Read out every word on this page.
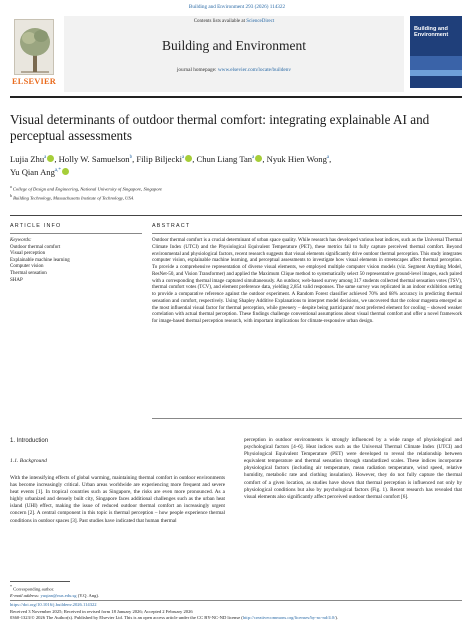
Building and Environment 293 (2026) 114322
ELSEVIER
Contents lists available at ScienceDirect
Building and Environment
journal homepage: www.elsevier.com/locate/buildenv
Building and Environment
Visual determinants of outdoor thermal comfort: integrating explainable AI and perceptual assessments
Lujia Zhu$^a$ , Holly W. Samuelson$^b$, Filip Biljecki$^a$ , Chun Liang Tan$^a$ , Nyuk Hien Wong$^a$,
Yu Qian Ang$^{a,*}$
$^a$ College of Design and Engineering, National University of Singapore, Singapore
$^b$ Building Technology, Massachusetts Institute of Technology, USA
ARTICLE INFO
Keywords:
Outdoor thermal comfort
Visual perception
Explainable machine learning
Computer vision
Thermal sensation
SHAP
ABSTRACT
Outdoor thermal comfort is a crucial determinant of urban space quality. While research has developed various heat indices, such as the Universal Thermal Climate Index (UTCI) and the Physiological Equivalent Temperature (PET), these metrics fail to fully capture perceived thermal comfort. Beyond environmental and physiological factors, recent research suggests that visual elements significantly drive outdoor thermal perception. This study integrates computer vision, explainable machine learning, and perceptual assessments to investigate how visual elements in streetscapes affect thermal perception. To provide a comprehensive representation of diverse visual elements, we employed multiple computer vision models (viz. Segment Anything Model, ResNet-50, and Vision Transformer) and applied the Maximum Clique method to systematically select 50 representative ground-level images, each paired with a corresponding thermal image captured simultaneously. An outdoor, web-based survey among 317 students collected thermal sensation votes (TSV), thermal comfort votes (TCV), and element preference data, yielding 2,854 valid responses. The same survey was replicated in an indoor exhibition setting to provide a comparative reference against the outdoor experiment. A Random Forest classifier achieved 70% and 68% accuracy in predicting thermal sensation and comfort, respectively. Using Shapley Additive Explanations to interpret model decisions, we uncovered that the colour magenta emerged as the most influential visual factor for thermal perception, while greenery – despite being participants' most preferred element for cooling – showed weaker correlation with actual thermal perception. These findings challenge conventional assumptions about visual thermal comfort and offer a novel framework for image-based thermal perception research, with important implications for climate-responsive urban design.
1. Introduction
1.1. Background
With the intensifying effects of global warming, maintaining thermal comfort in outdoor environments has become increasingly critical. Urban areas worldwide are experiencing more frequent and severe heat events [1]. In tropical countries such as Singapore, the risks are even more pronounced. As a highly urbanized and densely built city, Singapore faces additional challenges such as the urban heat island (UHI) effect, making the issue of reduced outdoor thermal comfort an increasingly urgent concern [2]. A central component in this topic is thermal perception – how people experience thermal conditions in outdoor spaces [3]. Past studies have indicated that human thermal
perception in outdoor environments is strongly influenced by a wide range of physiological and psychological factors [4–6]. Heat indices such as the Universal Thermal Climate Index (UTCI) and Physiological Equivalent Temperature (PET) were developed to reveal the relationship between equivalent temperature and thermal sensation through standardized scales. These indices incorporate physiological factors (including air temperature, mean radiation temperature, wind speed, relative humidity, metabolic rate and clothing insulation). However, they do not fully capture the thermal comfort of a given location, as studies have shown that thermal perception is influenced not only by physiological conditions but also by psychological factors (Fig. 1). Recent research has revealed that visual elements also significantly affect perceived outdoor thermal comfort [6].
* Corresponding author.
E-mail address: yuqian@nus.edu.sg (Y.Q. Ang).
https://doi.org/10.1016/j.buildenv.2026.114322
Received 3 November 2025; Received in revised form 18 January 2026; Accepted 2 February 2026
0360-1323/© 2026 The Author(s). Published by Elsevier Ltd. This is an open access article under the CC BY-NC-ND license (http://creativecommons.org/licenses/by-nc-nd/4.0/).
